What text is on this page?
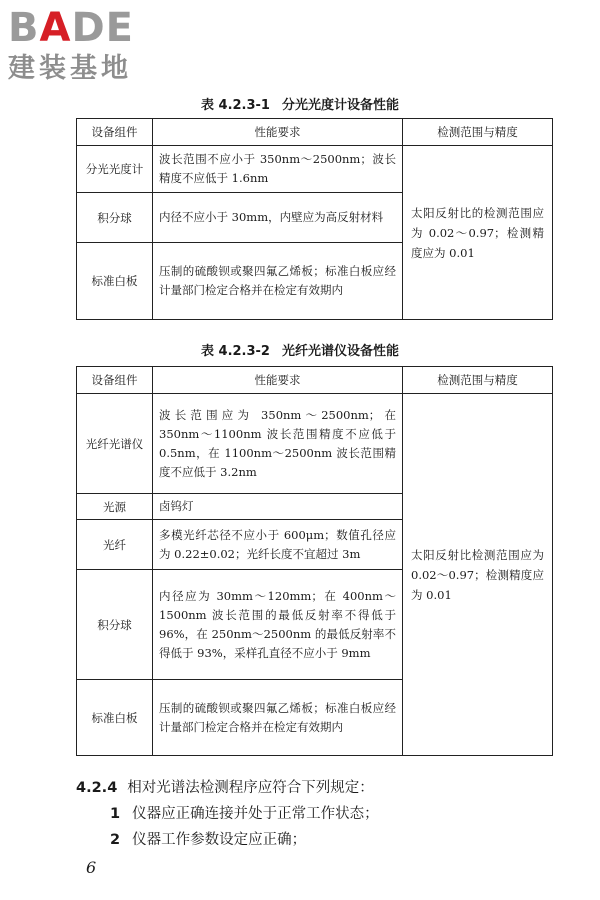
BADE
建装基地
表 4.2.3-1 分光光度计设备性能
设备组件	性能要求	检测范围与精度
分光光度计	波长范围不应小于 350nm～2500nm；波长精度不应低于 1.6nm	太阳反射比的检测范围应为 0.02～0.97；检测精度应为 0.01
积分球	内径不应小于 30mm，内壁应为高反射材料	
标准白板	压制的硫酸钡或聚四氟乙烯板；标准白板应经计量部门检定合格并在检定有效期内	
表 4.2.3-2 光纤光谱仪设备性能
设备组件	性能要求	检测范围与精度
光纤光谱仪	波长范围应为 350nm～2500nm；在 350nm～1100nm 波长范围精度不应低于 0.5nm，在 1100nm～2500nm 波长范围精度不应低于 3.2nm	太阳反射比检测范围应为 0.02～0.97；检测精度应为 0.01
光源	卤钨灯	
光纤	多模光纤芯径不应小于 600μm；数值孔径应为 0.22±0.02；光纤长度不宜超过 3m	
积分球	内径应为 30mm～120mm；在 400nm～1500nm 波长范围的最低反射率不得低于 96%，在 250nm～2500nm 的最低反射率不得低于 93%，采样孔直径不应小于 9mm	
标准白板	压制的硫酸钡或聚四氟乙烯板；标准白板应经计量部门检定合格并在检定有效期内	
4.2.4 相对光谱法检测程序应符合下列规定：
1 仪器应正确连接并处于正常工作状态；
2 仪器工作参数设定应正确；
6
